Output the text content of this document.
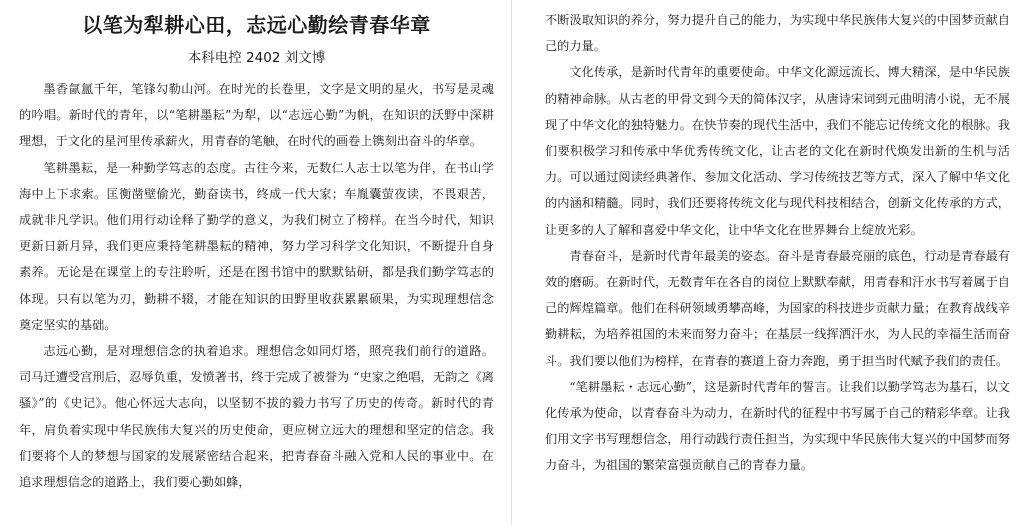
以笔为犁耕心田，志远心勤绘青春华章
本科电控 2402 刘文博

墨香氤氲千年，笔锋勾勒山河。在时光的长卷里，文字是文明的星火，书写是灵魂的吟唱。新时代的青年，以“笔耕墨耘”为犁，以“志远心勤”为帆，在知识的沃野中深耕理想，于文化的星河里传承薪火，用青春的笔触，在时代的画卷上镌刻出奋斗的华章。

笔耕墨耘，是一种勤学笃志的态度。古往今来，无数仁人志士以笔为伴，在书山学海中上下求索。匡衡凿壁偷光，勤奋读书，终成一代大家；车胤囊萤夜读，不畏艰苦，成就非凡学识。他们用行动诠释了勤学的意义，为我们树立了榜样。在当今时代，知识更新日新月异，我们更应秉持笔耕墨耘的精神，努力学习科学文化知识，不断提升自身素养。无论是在课堂上的专注聆听，还是在图书馆中的默默钻研，都是我们勤学笃志的体现。只有以笔为刃，勤耕不辍，才能在知识的田野里收获累累硕果，为实现理想信念奠定坚实的基础。

志远心勤，是对理想信念的执着追求。理想信念如同灯塔，照亮我们前行的道路。司马迁遭受宫刑后，忍辱负重，发愤著书，终于完成了被誉为 “史家之绝唱，无韵之《离骚》”的《史记》。他心怀远大志向，以坚韧不拔的毅力书写了历史的传奇。新时代的青年，肩负着实现中华民族伟大复兴的历史使命，更应树立远大的理想和坚定的信念。我们要将个人的梦想与国家的发展紧密结合起来，把青春奋斗融入党和人民的事业中。在追求理想信念的道路上，我们要心勤如蜂，

不断汲取知识的养分，努力提升自己的能力，为实现中华民族伟大复兴的中国梦贡献自己的力量。

文化传承，是新时代青年的重要使命。中华文化源远流长、博大精深，是中华民族的精神命脉。从古老的甲骨文到今天的简体汉字，从唐诗宋词到元曲明清小说，无不展现了中华文化的独特魅力。在快节奏的现代生活中，我们不能忘记传统文化的根脉。我们要积极学习和传承中华优秀传统文化，让古老的文化在新时代焕发出新的生机与活力。可以通过阅读经典著作、参加文化活动、学习传统技艺等方式，深入了解中华文化的内涵和精髓。同时，我们还要将传统文化与现代科技相结合，创新文化传承的方式，让更多的人了解和喜爱中华文化，让中华文化在世界舞台上绽放光彩。

青春奋斗，是新时代青年最美的姿态。奋斗是青春最亮丽的底色，行动是青春最有效的磨砺。在新时代，无数青年在各自的岗位上默默奉献，用青春和汗水书写着属于自己的辉煌篇章。他们在科研领域勇攀高峰，为国家的科技进步贡献力量；在教育战线辛勤耕耘，为培养祖国的未来而努力奋斗；在基层一线挥洒汗水，为人民的幸福生活而奋斗。我们要以他们为榜样，在青春的赛道上奋力奔跑，勇于担当时代赋予我们的责任。

“笔耕墨耘・志远心勤”，这是新时代青年的誓言。让我们以勤学笃志为基石，以文化传承为使命，以青春奋斗为动力，在新时代的征程中书写属于自己的精彩华章。让我们用文字书写理想信念，用行动践行责任担当，为实现中华民族伟大复兴的中国梦而努力奋斗，为祖国的繁荣富强贡献自己的青春力量。
